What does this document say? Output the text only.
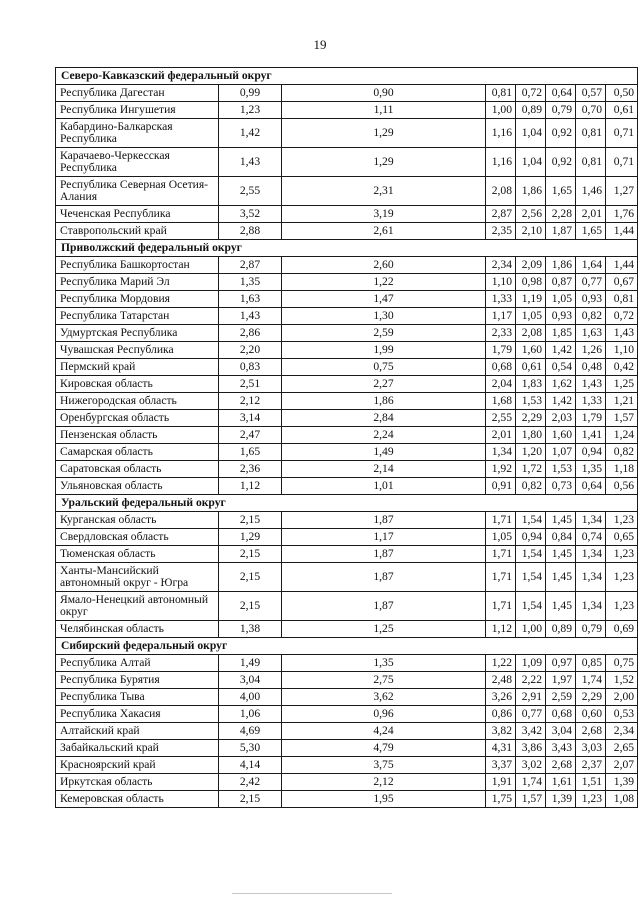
19
Северо-Кавказский федеральный округ							
Республика Дагестан	0,99	0,90	0,81	0,72	0,64	0,57	0,50
Республика Ингушетия	1,23	1,11	1,00	0,89	0,79	0,70	0,61
Кабардино-Балкарская Республика	1,42	1,29	1,16	1,04	0,92	0,81	0,71
Карачаево-Черкесская Республика	1,43	1,29	1,16	1,04	0,92	0,81	0,71
Республика Северная Осетия-Алания	2,55	2,31	2,08	1,86	1,65	1,46	1,27
Чеченская Республика	3,52	3,19	2,87	2,56	2,28	2,01	1,76
Ставропольский край	2,88	2,61	2,35	2,10	1,87	1,65	1,44
Приволжский федеральный округ							
Республика Башкортостан	2,87	2,60	2,34	2,09	1,86	1,64	1,44
Республика Марий Эл	1,35	1,22	1,10	0,98	0,87	0,77	0,67
Республика Мордовия	1,63	1,47	1,33	1,19	1,05	0,93	0,81
Республика Татарстан	1,43	1,30	1,17	1,05	0,93	0,82	0,72
Удмуртская Республика	2,86	2,59	2,33	2,08	1,85	1,63	1,43
Чувашская Республика	2,20	1,99	1,79	1,60	1,42	1,26	1,10
Пермский край	0,83	0,75	0,68	0,61	0,54	0,48	0,42
Кировская область	2,51	2,27	2,04	1,83	1,62	1,43	1,25
Нижегородская область	2,12	1,86	1,68	1,53	1,42	1,33	1,21
Оренбургская область	3,14	2,84	2,55	2,29	2,03	1,79	1,57
Пензенская область	2,47	2,24	2,01	1,80	1,60	1,41	1,24
Самарская область	1,65	1,49	1,34	1,20	1,07	0,94	0,82
Саратовская область	2,36	2,14	1,92	1,72	1,53	1,35	1,18
Ульяновская область	1,12	1,01	0,91	0,82	0,73	0,64	0,56
Уральский федеральный округ							
Курганская область	2,15	1,87	1,71	1,54	1,45	1,34	1,23
Свердловская область	1,29	1,17	1,05	0,94	0,84	0,74	0,65
Тюменская область	2,15	1,87	1,71	1,54	1,45	1,34	1,23
Ханты-Мансийский автономный округ - Югра	2,15	1,87	1,71	1,54	1,45	1,34	1,23
Ямало-Ненецкий автономный округ	2,15	1,87	1,71	1,54	1,45	1,34	1,23
Челябинская область	1,38	1,25	1,12	1,00	0,89	0,79	0,69
Сибирский федеральный округ							
Республика Алтай	1,49	1,35	1,22	1,09	0,97	0,85	0,75
Республика Бурятия	3,04	2,75	2,48	2,22	1,97	1,74	1,52
Республика Тыва	4,00	3,62	3,26	2,91	2,59	2,29	2,00
Республика Хакасия	1,06	0,96	0,86	0,77	0,68	0,60	0,53
Алтайский край	4,69	4,24	3,82	3,42	3,04	2,68	2,34
Забайкальский край	5,30	4,79	4,31	3,86	3,43	3,03	2,65
Красноярский край	4,14	3,75	3,37	3,02	2,68	2,37	2,07
Иркутская область	2,42	2,12	1,91	1,74	1,61	1,51	1,39
Кемеровская область	2,15	1,95	1,75	1,57	1,39	1,23	1,08
